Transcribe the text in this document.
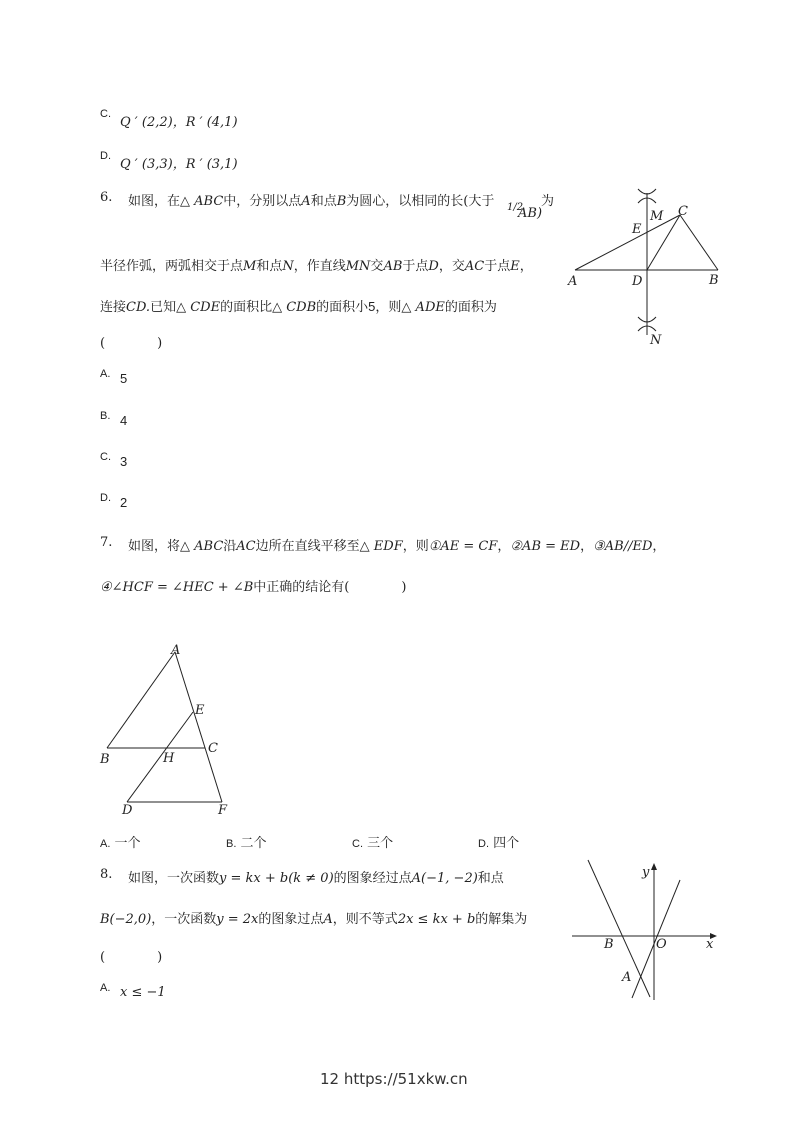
C.
Q ′ (2,2)，R ′ (4,1)
D.
Q ′ (3,3)，R ′ (3,1)
6. 如图，在△ ABC中，分别以点A和点B为圆心，以相同的长(大于 1/2
AB)
为
半径作弧，两弧相交于点M和点N，作直线MN交AB于点D，交AC于点E，
连接CD.已知△ CDE的面积比△ CDB的面积小5，则△ ADE的面积为
(　　　　)
A. 5
B. 4
C. 3
D. 2
A	B
C
D
E
M
N
7. 如图，将△ ABC沿AC边所在直线平移至△ EDF，则①AE = CF，②AB = ED，③AB//ED，
④∠HCF = ∠HEC + ∠B中正确的结论有(　　　　)
A
B
C
D
E
F
H
A. 一个	B. 二个	C. 三个	D. 四个
8. 如图，一次函数y = kx + b(k ≠ 0)的图象经过点A(−1, −2)和点
B(−2,0)，一次函数y = 2x的图象过点A，则不等式2x ≤ kx + b的解集为
(　　　　)
A. x ≤ −1
y
x
O
B
A
12 https://51xkw.cn
